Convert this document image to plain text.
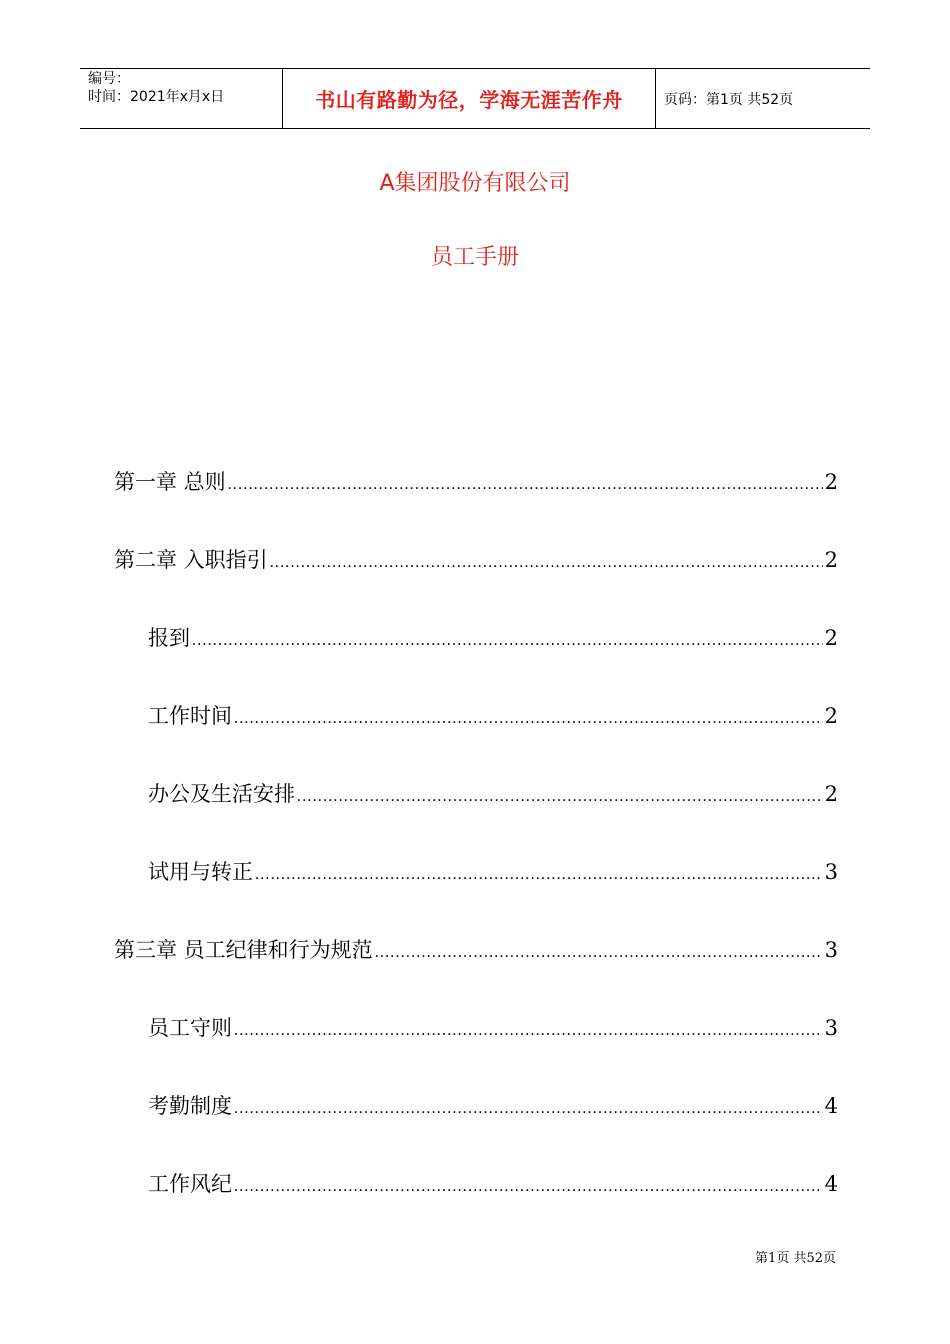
编号：
时间：2021年x月x日	书山有路勤为径，学海无涯苦作舟	页码：第1页 共52页
A集团股份有限公司
员工手册
第一章 总则 .....	2
第二章 入职指引 .....	2
报到 .....	2
工作时间 .....	2
办公及生活安排 .....	2
试用与转正 .....	3
第三章 员工纪律和行为规范 .....	3
员工守则 .....	3
考勤制度 .....	4
工作风纪 .....	4
第1页 共52页
